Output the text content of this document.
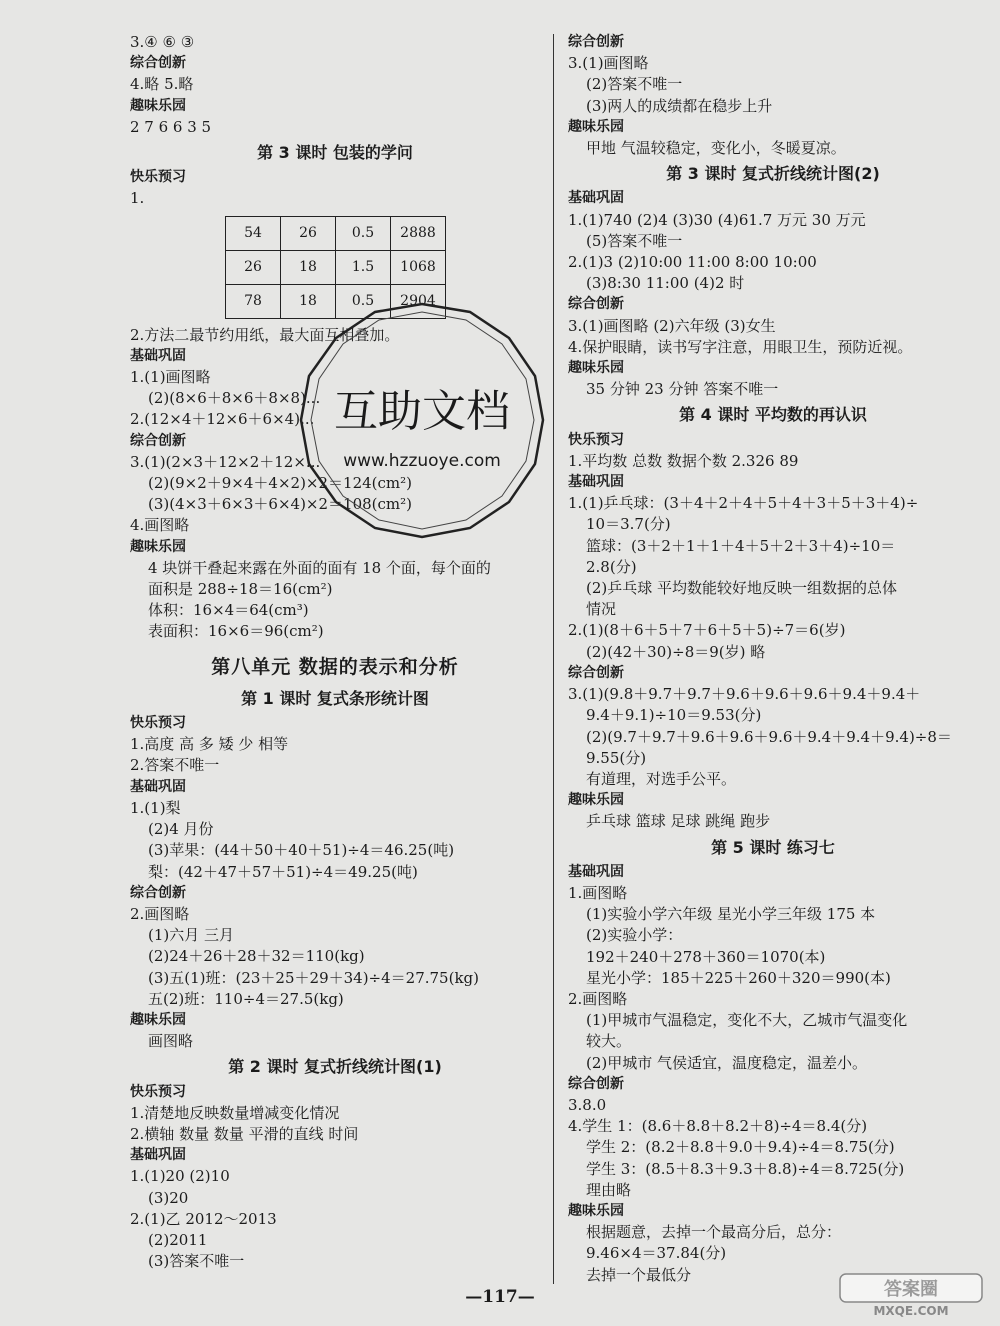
3.④ ⑥ ③
综合创新
4.略 5.略
趣味乐园
2 7 6 6 3 5
第 3 课时 包装的学问
快乐预习
1.
54	26	0.5	2888
26	18	1.5	1068
78	18	0.5	2904
2.方法二最节约用纸，最大面互相叠加。
基础巩固
1.(1)画图略
(2)(8×6＋8×6＋8×8)...
2.(12×4＋12×6＋6×4)...
综合创新
3.(1)(2×3＋12×2＋12×...
(2)(9×2＋9×4＋4×2)×2＝124(cm²)
(3)(4×3＋6×3＋6×4)×2＝108(cm²)
4.画图略
趣味乐园
4 块饼干叠起来露在外面的面有 18 个面，每个面的
面积是 288÷18＝16(cm²)
体积：16×4＝64(cm³)
表面积：16×6＝96(cm²)
第八单元 数据的表示和分析
第 1 课时 复式条形统计图
快乐预习
1.高度 高 多 矮 少 相等
2.答案不唯一
基础巩固
1.(1)梨
(2)4 月份
(3)苹果：(44＋50＋40＋51)÷4＝46.25(吨)
梨：(42＋47＋57＋51)÷4＝49.25(吨)
综合创新
2.画图略
(1)六月 三月
(2)24＋26＋28＋32＝110(kg)
(3)五(1)班：(23＋25＋29＋34)÷4＝27.75(kg)
五(2)班：110÷4＝27.5(kg)
趣味乐园
画图略
第 2 课时 复式折线统计图(1)
快乐预习
1.清楚地反映数量增减变化情况
2.横轴 数量 数量 平滑的直线 时间
基础巩固
1.(1)20 (2)10
(3)20
2.(1)乙 2012～2013
(2)2011
(3)答案不唯一
综合创新
3.(1)画图略
(2)答案不唯一
(3)两人的成绩都在稳步上升
趣味乐园
甲地 气温较稳定，变化小，冬暖夏凉。
第 3 课时 复式折线统计图(2)
基础巩固
1.(1)740 (2)4 (3)30 (4)61.7 万元 30 万元
(5)答案不唯一
2.(1)3 (2)10:00 11:00 8:00 10:00
(3)8:30 11:00 (4)2 时
综合创新
3.(1)画图略 (2)六年级 (3)女生
4.保护眼睛，读书写字注意，用眼卫生，预防近视。
趣味乐园
35 分钟 23 分钟 答案不唯一
第 4 课时 平均数的再认识
快乐预习
1.平均数 总数 数据个数 2.326 89
基础巩固
1.(1)乒乓球：(3＋4＋2＋4＋5＋4＋3＋5＋3＋4)÷
10＝3.7(分)
篮球：(3＋2＋1＋1＋4＋5＋2＋3＋4)÷10＝
2.8(分)
(2)乒乓球 平均数能较好地反映一组数据的总体
情况
2.(1)(8＋6＋5＋7＋6＋5＋5)÷7＝6(岁)
(2)(42＋30)÷8＝9(岁) 略
综合创新
3.(1)(9.8＋9.7＋9.7＋9.6＋9.6＋9.6＋9.4＋9.4＋
9.4＋9.1)÷10＝9.53(分)
(2)(9.7＋9.7＋9.6＋9.6＋9.6＋9.4＋9.4＋9.4)÷8＝
9.55(分)
有道理，对选手公平。
趣味乐园
乒乓球 篮球 足球 跳绳 跑步
第 5 课时 练习七
基础巩固
1.画图略
(1)实验小学六年级 星光小学三年级 175 本
(2)实验小学：
192＋240＋278＋360＝1070(本)
星光小学：185＋225＋260＋320＝990(本)
2.画图略
(1)甲城市气温稳定，变化不大，乙城市气温变化
较大。
(2)甲城市 气侯适宜，温度稳定，温差小。
综合创新
3.8.0
4.学生 1：(8.6＋8.8＋8.2＋8)÷4＝8.4(分)
学生 2：(8.2＋8.8＋9.0＋9.4)÷4＝8.75(分)
学生 3：(8.5＋8.3＋9.3＋8.8)÷4＝8.725(分)
理由略
趣味乐园
根据题意，去掉一个最高分后，总分：
9.46×4＝37.84(分)
去掉一个最低分
互助文档
www.hzzuoye.com
—117—	答案圈
MXQE.COM
